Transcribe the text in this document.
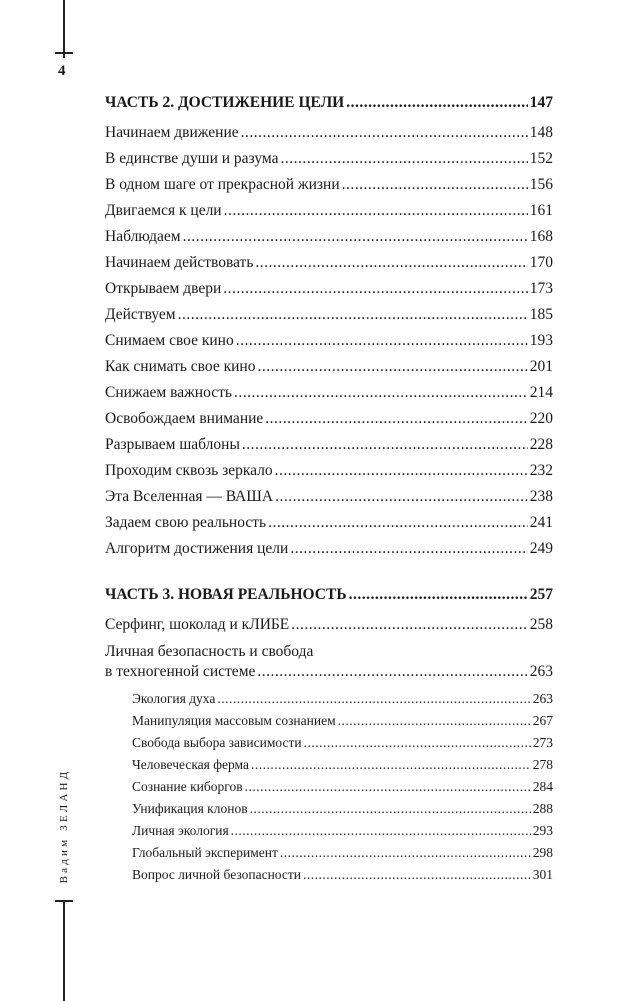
4
Вадим ЗЕЛАНД
ЧАСТЬ 2. ДОСТИЖЕНИЕ ЦЕЛИ .....	147
Начинаем движение .....	148
В единстве души и разума .....	152
В одном шаге от прекрасной жизни .....	156
Двигаемся к цели .....	161
Наблюдаем .....	168
Начинаем действовать .....	170
Открываем двери .....	173
Действуем .....	185
Снимаем свое кино .....	193
Как снимать свое кино .....	201
Снижаем важность .....	214
Освобождаем внимание .....	220
Разрываем шаблоны .....	228
Проходим сквозь зеркало .....	232
Эта Вселенная — ВАША .....	238
Задаем свою реальность .....	241
Алгоритм достижения цели .....	249
ЧАСТЬ 3. НОВАЯ РЕАЛЬНОСТЬ .....	257
Серфинг, шоколад и кЛИБЕ .....	258
Личная безопасность и свобода
в техногенной системе .....	263
Экология духа .....	263
Манипуляция массовым сознанием .....	267
Свобода выбора зависимости .....	273
Человеческая ферма .....	278
Сознание киборгов .....	284
Унификация клонов .....	288
Личная экология .....	293
Глобальный эксперимент .....	298
Вопрос личной безопасности .....	301
